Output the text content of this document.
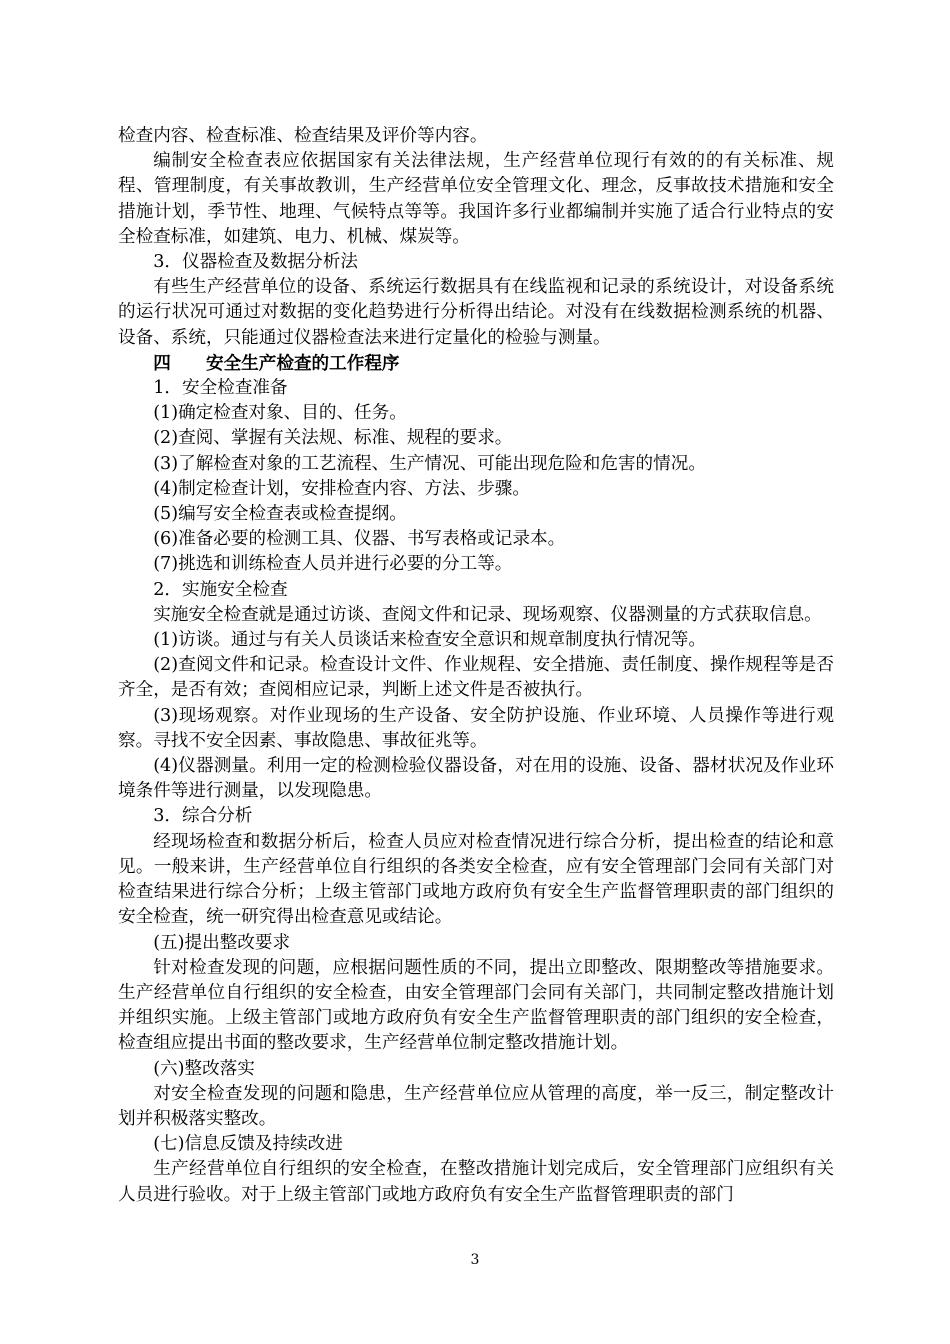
检查内容、检查标准、检查结果及评价等内容。

编制安全检查表应依据国家有关法律法规，生产经营单位现行有效的的有关标准、规程、管理制度，有关事故教训，生产经营单位安全管理文化、理念，反事故技术措施和安全措施计划，季节性、地理、气候特点等等。我国许多行业都编制并实施了适合行业特点的安全检查标准，如建筑、电力、机械、煤炭等。

3．仪器检查及数据分析法

有些生产经营单位的设备、系统运行数据具有在线监视和记录的系统设计，对设备系统的运行状况可通过对数据的变化趋势进行分析得出结论。对没有在线数据检测系统的机器、设备、系统，只能通过仪器检查法来进行定量化的检验与测量。

四　　安全生产检查的工作程序

1．安全检查准备

(1)确定检查对象、目的、任务。

(2)查阅、掌握有关法规、标准、规程的要求。

(3)了解检查对象的工艺流程、生产情况、可能出现危险和危害的情况。

(4)制定检查计划，安排检查内容、方法、步骤。

(5)编写安全检查表或检查提纲。

(6)准备必要的检测工具、仪器、书写表格或记录本。

(7)挑选和训练检查人员并进行必要的分工等。

2．实施安全检查

实施安全检查就是通过访谈、查阅文件和记录、现场观察、仪器测量的方式获取信息。

(1)访谈。通过与有关人员谈话来检查安全意识和规章制度执行情况等。

(2)查阅文件和记录。检查设计文件、作业规程、安全措施、责任制度、操作规程等是否齐全，是否有效；查阅相应记录，判断上述文件是否被执行。

(3)现场观察。对作业现场的生产设备、安全防护设施、作业环境、人员操作等进行观察。寻找不安全因素、事故隐患、事故征兆等。

(4)仪器测量。利用一定的检测检验仪器设备，对在用的设施、设备、器材状况及作业环境条件等进行测量，以发现隐患。

3．综合分析

经现场检查和数据分析后，检查人员应对检查情况进行综合分析，提出检查的结论和意见。一般来讲，生产经营单位自行组织的各类安全检查，应有安全管理部门会同有关部门对检查结果进行综合分析；上级主管部门或地方政府负有安全生产监督管理职责的部门组织的安全检查，统一研究得出检查意见或结论。

(五)提出整改要求

针对检查发现的问题，应根据问题性质的不同，提出立即整改、限期整改等措施要求。生产经营单位自行组织的安全检查，由安全管理部门会同有关部门，共同制定整改措施计划并组织实施。上级主管部门或地方政府负有安全生产监督管理职责的部门组织的安全检查，检查组应提出书面的整改要求，生产经营单位制定整改措施计划。

(六)整改落实

对安全检查发现的问题和隐患，生产经营单位应从管理的高度，举一反三，制定整改计划并积极落实整改。

(七)信息反馈及持续改进

生产经营单位自行组织的安全检查，在整改措施计划完成后，安全管理部门应组织有关人员进行验收。对于上级主管部门或地方政府负有安全生产监督管理职责的部门

3
